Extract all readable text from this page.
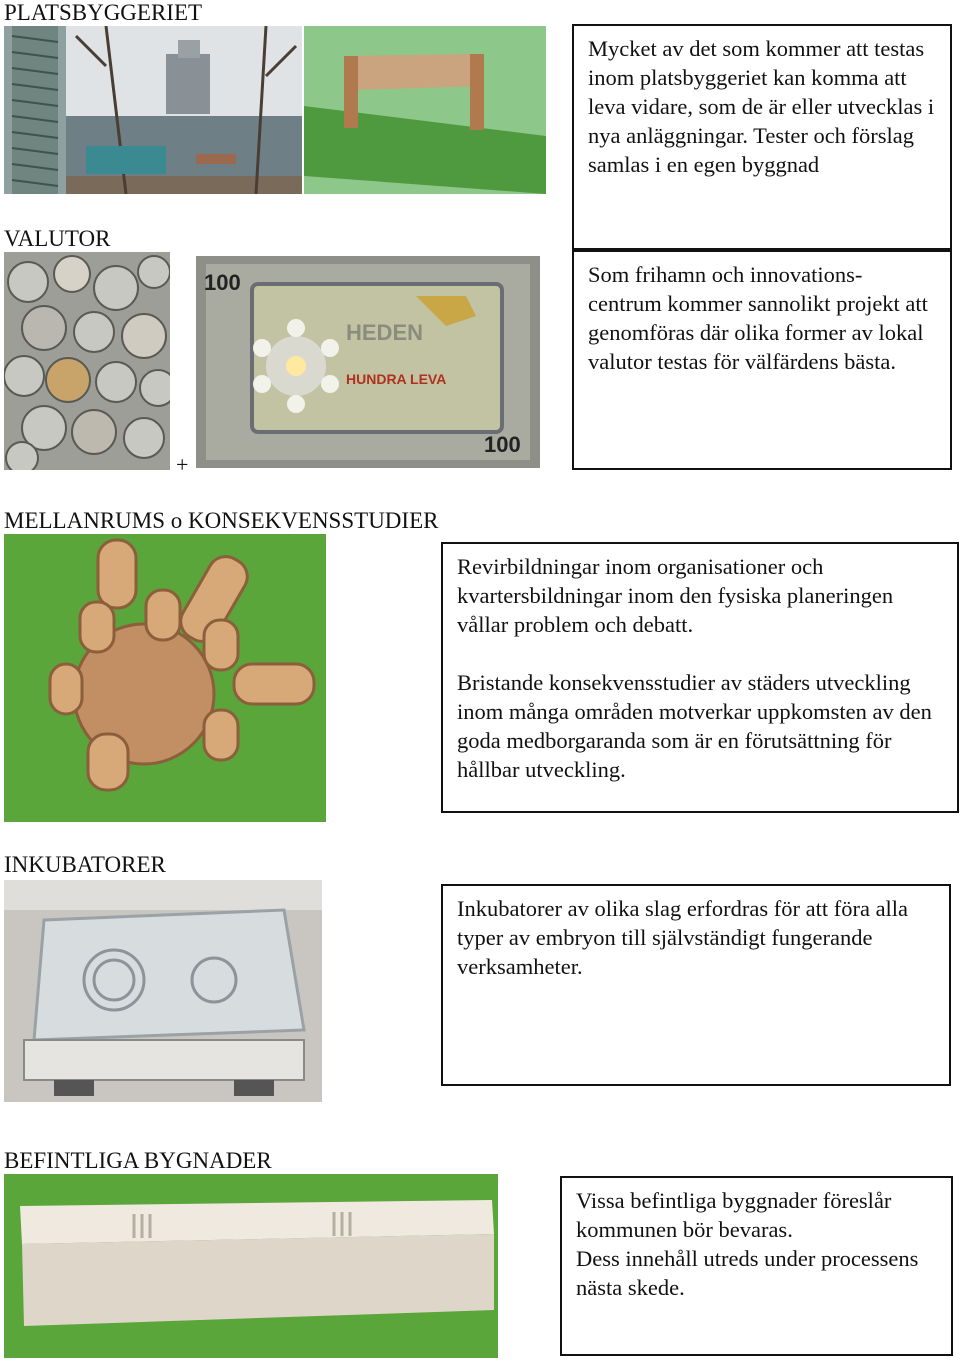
PLATSBYGGERIET

Mycket av det som kommer att testas inom platsbyggeriet kan komma att leva vidare, som de är eller utvecklas i nya anläggningar. Tester och förslag samlas i en egen byggnad

VALUTOR
+
100
HEDEN
HUNDRA LEVA
100

Som frihamn och innovations-centrum kommer sannolikt projekt att genomföras där olika former av lokal valutor testas för välfärdens bästa.

MELLANRUMS o KONSEKVENSSTUDIER

Revirbildningar inom organisationer och kvartersbildningar inom den fysiska planeringen vållar problem och debatt.

Bristande konsekvensstudier av städers utveckling inom många områden motverkar uppkomsten av den goda medborgaranda som är en förutsättning för hållbar utveckling.

INKUBATORER

Inkubatorer av olika slag erfordras för att föra alla typer av embryon till självständigt fungerande verksamheter.

BEFINTLIGA BYGNADER

Vissa befintliga byggnader föreslår kommunen bör bevaras.

Dess innehåll utreds under processens nästa skede.
